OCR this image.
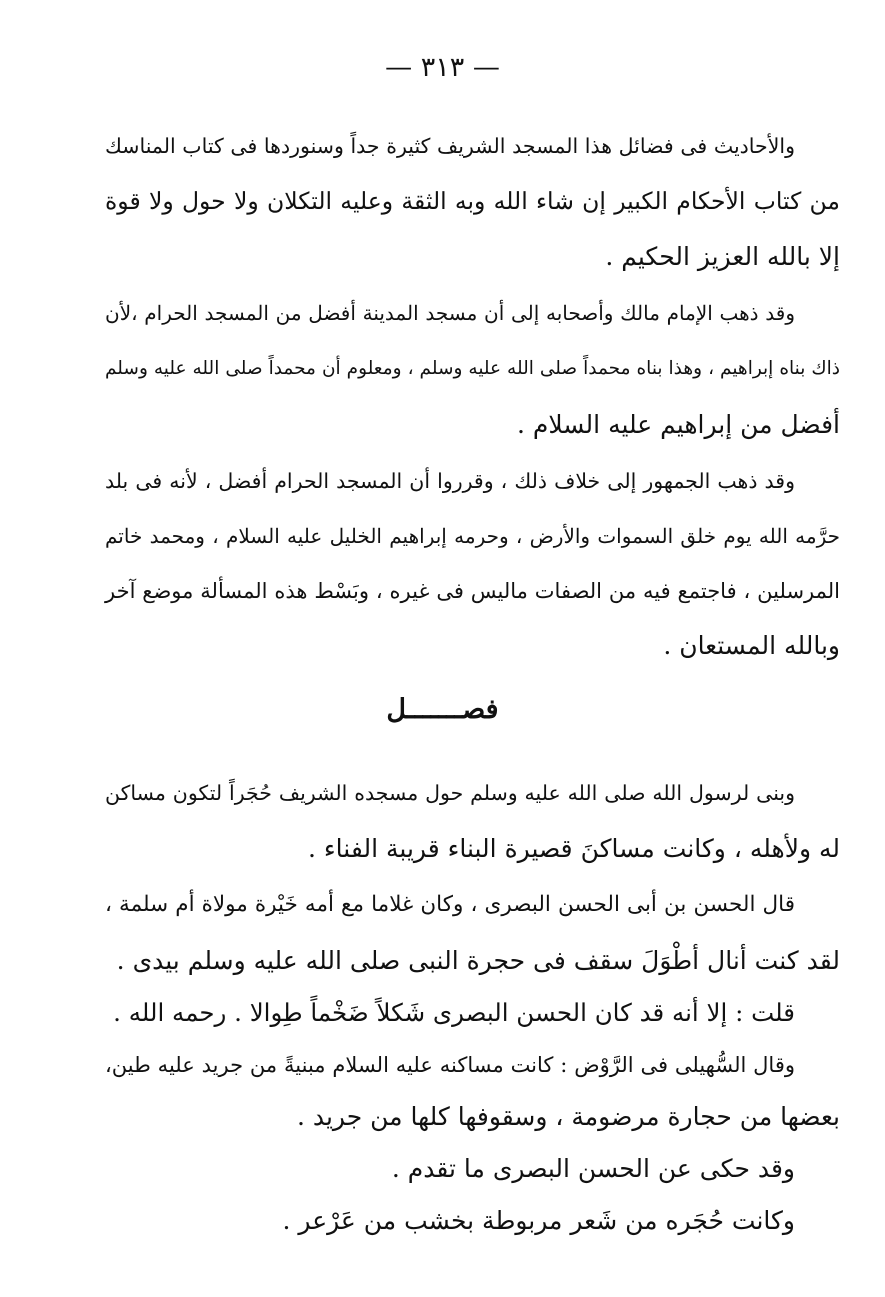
— ٣١٣ —
والأحاديث فى فضائل هذا المسجد الشريف كثيرة جداً وسنوردها فى كتاب المناسك
من كتاب الأحكام الكبير إن شاء الله وبه الثقة وعليه التكلان ولا حول ولا قوة
إلا بالله العزيز الحكيم .
وقد ذهب الإمام مالك وأصحابه إلى أن مسجد المدينة أفضل من المسجد الحرام ،لأن
ذاك بناه إبراهيم ، وهذا بناه محمداً صلى الله عليه وسلم ، ومعلوم أن محمداً صلى الله عليه وسلم
أفضل من إبراهيم عليه السلام .
وقد ذهب الجمهور إلى خلاف ذلك ، وقرروا أن المسجد الحرام أفضل ، لأنه فى بلد
حرَّمه الله يوم خلق السموات والأرض ، وحرمه إبراهيم الخليل عليه السلام ، ومحمد خاتم
المرسلين ، فاجتمع فيه من الصفات ماليس فى غيره ، وبَسْط هذه المسألة موضع آخر
وبالله المستعان .
فصـــــــل
وبنى لرسول الله صلى الله عليه وسلم حول مسجده الشريف حُجَراً لتكون مساكن
له ولأهله ، وكانت مساكنَ قصيرة البناء قريبة الفناء .
قال الحسن بن أبى الحسن البصرى ، وكان غلاما مع أمه خَيْرة مولاة أم سلمة ،
لقد كنت أنال أطْوَلَ سقف فى حجرة النبى صلى الله عليه وسلم بيدى .
قلت : إلا أنه قد كان الحسن البصرى شَكلاً ضَخْماً طِوالا . رحمه الله .
وقال السُّهيلى فى الرَّوْض : كانت مساكنه عليه السلام مبنيةً من جريد عليه طين،
بعضها من حجارة مرضومة ، وسقوفها كلها من جريد .
وقد حكى عن الحسن البصرى ما تقدم .
وكانت حُجَره من شَعر مربوطة بخشب من عَرْعر .
